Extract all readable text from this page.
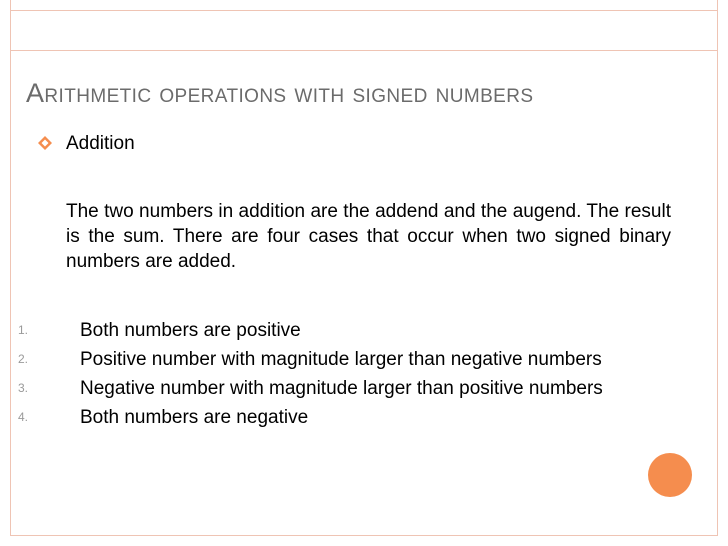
Arithmetic operations with signed numbers
Addition

The two numbers in addition are the addend and the augend. The result is the sum. There are four cases that occur when two signed binary numbers are added.

1.	Both numbers are positive
2.	Positive number with magnitude larger than negative numbers
3.	Negative number with magnitude larger than positive numbers
4.	Both numbers are negative
